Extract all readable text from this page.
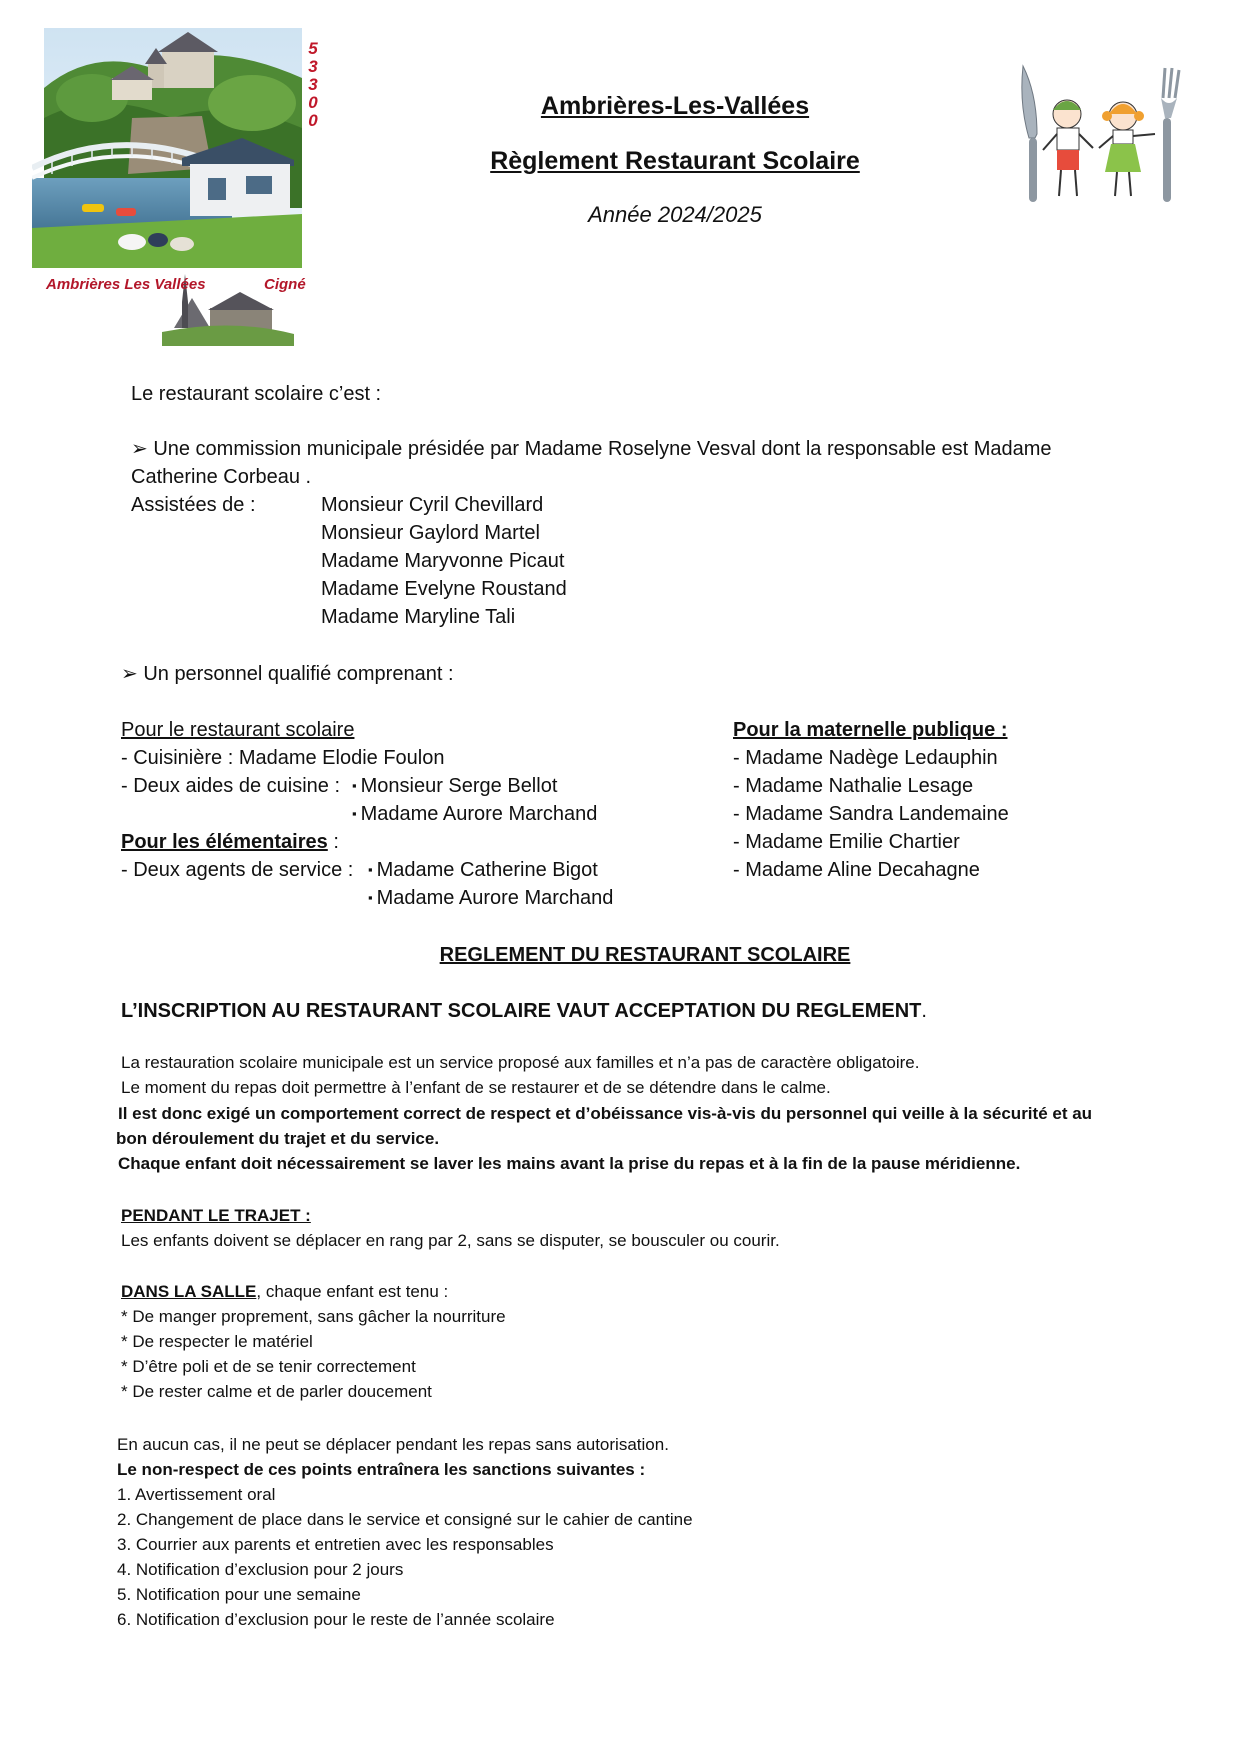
5
3
3
0
0
Ambrières Les Vallées	Cigné
Ambrières-Les-Vallées
Règlement Restaurant Scolaire
Année 2024/2025
Le restaurant scolaire c’est :
➢ Une commission municipale présidée par Madame Roselyne Vesval dont la responsable est Madame
Catherine Corbeau .
Assistées de :	Monsieur Cyril Chevillard
Monsieur Gaylord Martel
Madame Maryvonne Picaut
Madame Evelyne Roustand
Madame Maryline Tali
➢ Un personnel qualifié comprenant :
Pour le restaurant scolaire
- Cuisinière : Madame Elodie Foulon
- Deux aides de cuisine : ▪ Monsieur Serge Bellot
▪ Madame Aurore Marchand
Pour les élémentaires :
- Deux agents de service : ▪ Madame Catherine Bigot
▪ Madame Aurore Marchand
Pour la maternelle publique :
- Madame Nadège Ledauphin
- Madame Nathalie Lesage
- Madame Sandra Landemaine
- Madame Emilie Chartier
- Madame Aline Decahagne
REGLEMENT DU RESTAURANT SCOLAIRE
L’INSCRIPTION AU RESTAURANT SCOLAIRE VAUT ACCEPTATION DU REGLEMENT.
La restauration scolaire municipale est un service proposé aux familles et n’a pas de caractère obligatoire.
Le moment du repas doit permettre à l’enfant de se restaurer et de se détendre dans le calme.
Il est donc exigé un comportement correct de respect et d’obéissance vis-à-vis du personnel qui veille à la sécurité et au
bon déroulement du trajet et du service.
Chaque enfant doit nécessairement se laver les mains avant la prise du repas et à la fin de la pause méridienne.
PENDANT LE TRAJET :
Les enfants doivent se déplacer en rang par 2, sans se disputer, se bousculer ou courir.
DANS LA SALLE, chaque enfant est tenu :
* De manger proprement, sans gâcher la nourriture
* De respecter le matériel
* D’être poli et de se tenir correctement
* De rester calme et de parler doucement
En aucun cas, il ne peut se déplacer pendant les repas sans autorisation.
Le non-respect de ces points entraînera les sanctions suivantes :
1. Avertissement oral
2. Changement de place dans le service et consigné sur le cahier de cantine
3. Courrier aux parents et entretien avec les responsables
4. Notification d’exclusion pour 2 jours
5. Notification pour une semaine
6. Notification d’exclusion pour le reste de l’année scolaire
